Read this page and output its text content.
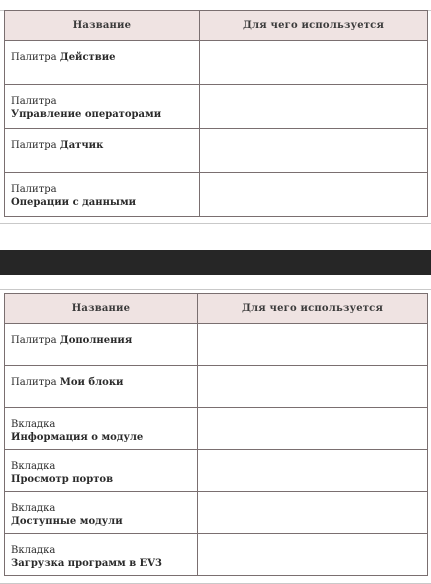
Название	Для чего используется

Палитра Действие	

Палитра
Управление операторами	

Палитра Датчик	

Палитра
Операции с данными	

Название	Для чего используется

Палитра Дополнения	

Палитра Мои блоки	

Вкладка
Информация о модуле	

Вкладка
Просмотр портов	

Вкладка
Доступные модули	

Вкладка
Загрузка программ в EV3	
